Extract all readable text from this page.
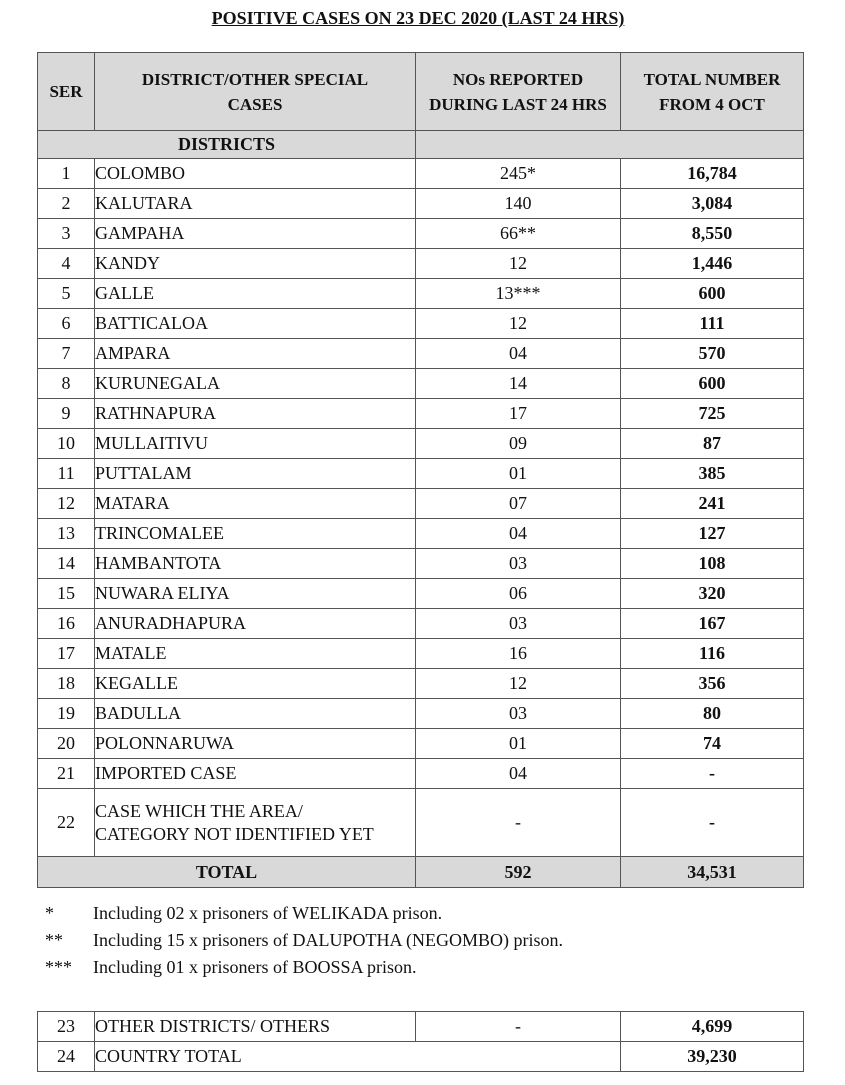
POSITIVE CASES ON 23 DEC 2020 (LAST 24 HRS)
SER	DISTRICT/OTHER SPECIAL CASES	NOs REPORTED DURING LAST 24 HRS	TOTAL NUMBER FROM 4 OCT
DISTRICTS			
1	COLOMBO	245*	16,784
2	KALUTARA	140	3,084
3	GAMPAHA	66**	8,550
4	KANDY	12	1,446
5	GALLE	13***	600
6	BATTICALOA	12	111
7	AMPARA	04	570
8	KURUNEGALA	14	600
9	RATHNAPURA	17	725
10	MULLAITIVU	09	87
11	PUTTALAM	01	385
12	MATARA	07	241
13	TRINCOMALEE	04	127
14	HAMBANTOTA	03	108
15	NUWARA ELIYA	06	320
16	ANURADHAPURA	03	167
17	MATALE	16	116
18	KEGALLE	12	356
19	BADULLA	03	80
20	POLONNARUWA	01	74
21	IMPORTED CASE	04	-
22	CASE WHICH THE AREA/ CATEGORY NOT IDENTIFIED YET	-	-
TOTAL		592	34,531
*	Including 02 x prisoners of WELIKADA prison.
**	Including 15 x prisoners of DALUPOTHA (NEGOMBO) prison.
***	Including 01 x prisoners of BOOSSA prison.
23	OTHER DISTRICTS/ OTHERS	-	4,699
24	COUNTRY TOTAL		39,230
